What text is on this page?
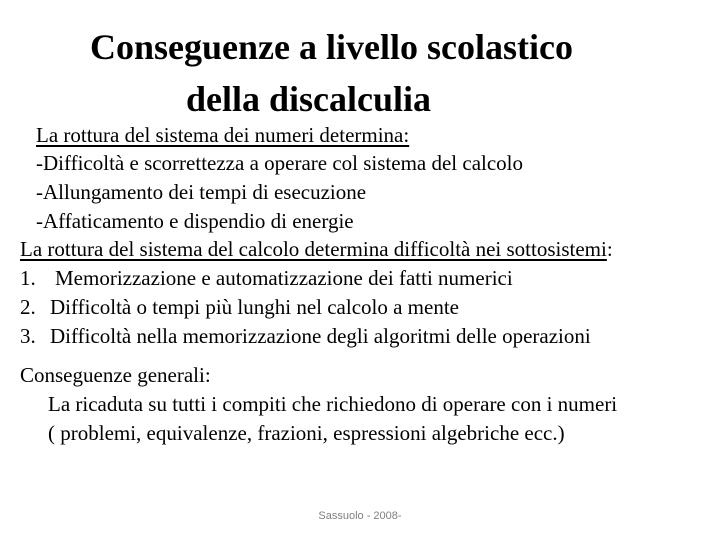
Conseguenze a livello scolastico
della discalculia
La rottura del sistema dei numeri determina:
-Difficoltà e scorrettezza a operare col sistema del calcolo
-Allungamento dei tempi di esecuzione
-Affaticamento e dispendio di energie
La rottura del sistema del calcolo determina difficoltà nei sottosistemi:
1. Memorizzazione e automatizzazione dei fatti numerici
2. Difficoltà o tempi più lunghi nel calcolo a mente
3. Difficoltà nella memorizzazione degli algoritmi delle operazioni
Conseguenze generali:
La ricaduta su tutti i compiti che richiedono di operare con i numeri
( problemi, equivalenze, frazioni, espressioni algebriche ecc.)
Sassuolo - 2008-
